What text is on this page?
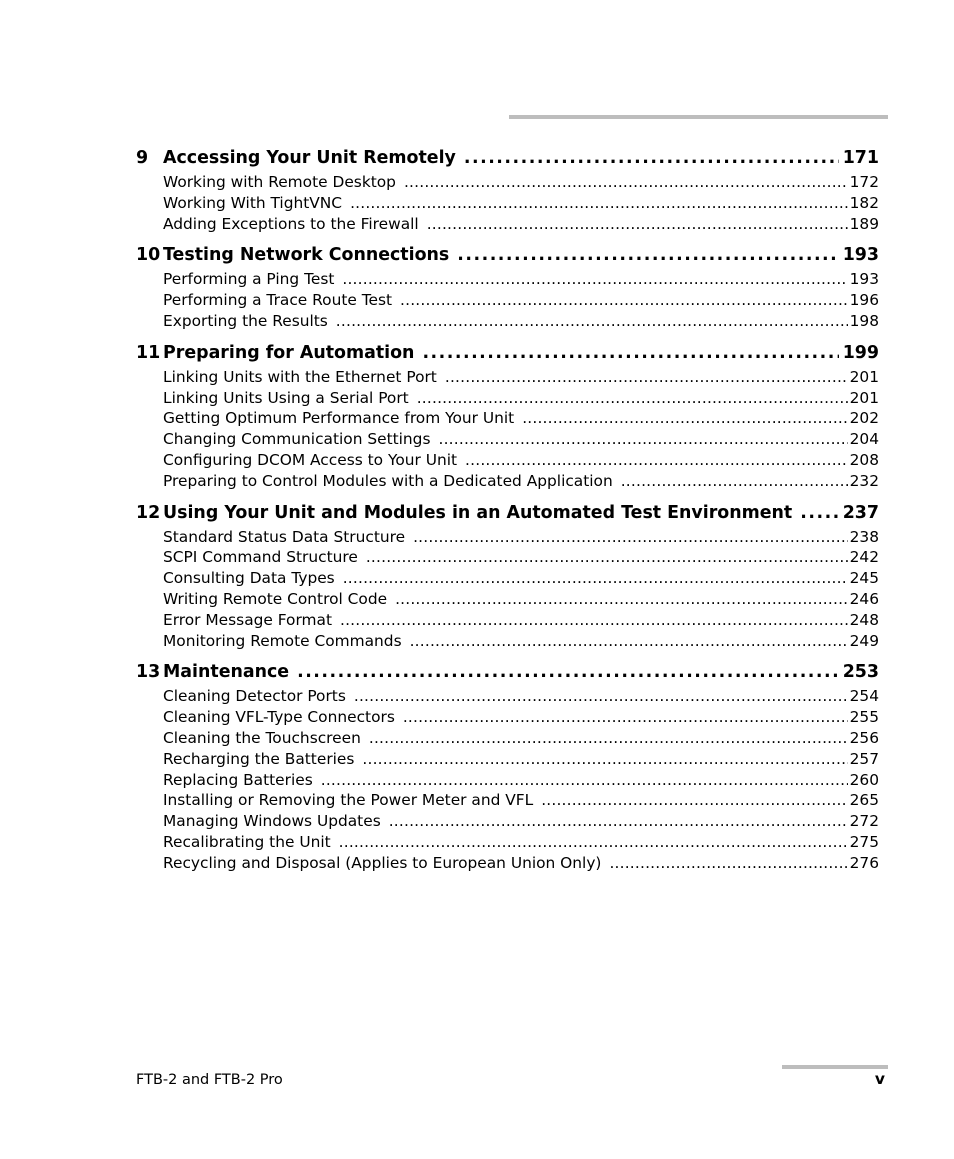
9 Accessing Your Unit Remotely .....	171
Working with Remote Desktop .....	172
Working With TightVNC .....	182
Adding Exceptions to the Firewall .....	189
10 Testing Network Connections .....	193
Performing a Ping Test .....	193
Performing a Trace Route Test .....	196
Exporting the Results .....	198
11 Preparing for Automation .....	199
Linking Units with the Ethernet Port .....	201
Linking Units Using a Serial Port .....	201
Getting Optimum Performance from Your Unit .....	202
Changing Communication Settings .....	204
Configuring DCOM Access to Your Unit .....	208
Preparing to Control Modules with a Dedicated Application .....	232
12 Using Your Unit and Modules in an Automated Test Environment .....	237
Standard Status Data Structure .....	238
SCPI Command Structure .....	242
Consulting Data Types .....	245
Writing Remote Control Code .....	246
Error Message Format .....	248
Monitoring Remote Commands .....	249
13 Maintenance .....	253
Cleaning Detector Ports .....	254
Cleaning VFL-Type Connectors .....	255
Cleaning the Touchscreen .....	256
Recharging the Batteries .....	257
Replacing Batteries .....	260
Installing or Removing the Power Meter and VFL .....	265
Managing Windows Updates .....	272
Recalibrating the Unit .....	275
Recycling and Disposal (Applies to European Union Only) .....	276
FTB-2 and FTB-2 Pro	v
